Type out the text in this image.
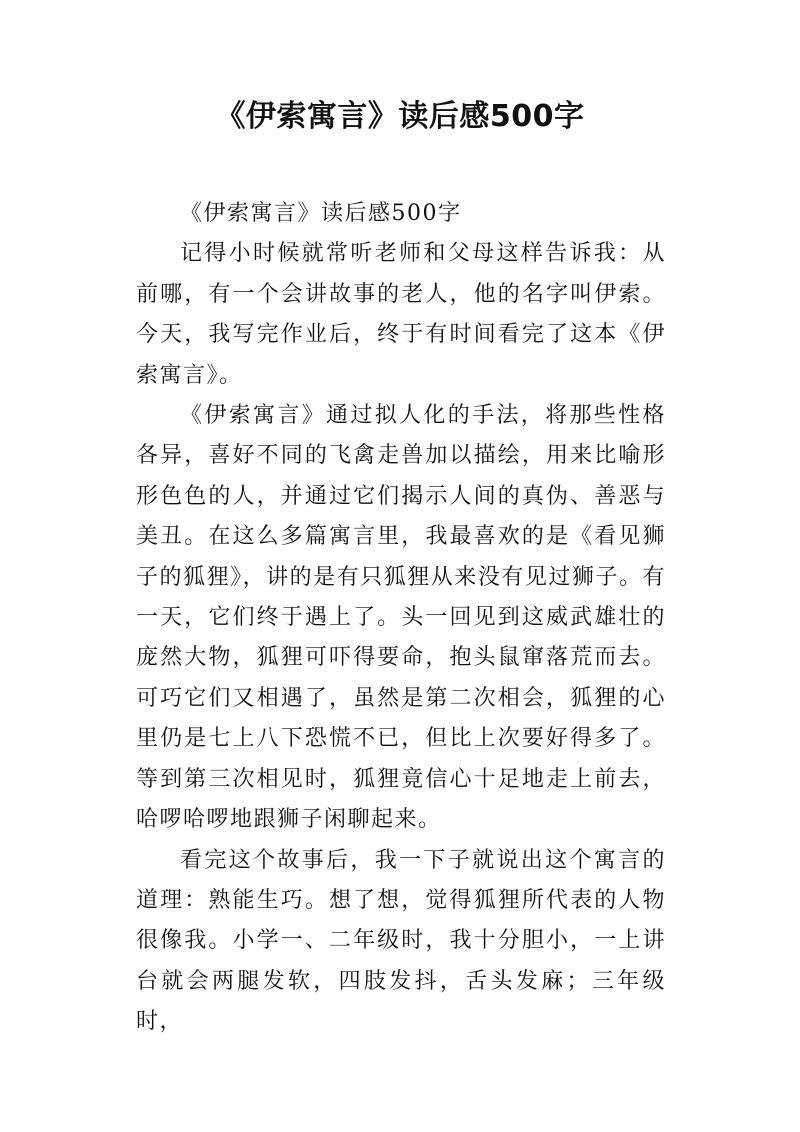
《伊索寓言》读后感500字

《伊索寓言》读后感500字

记得小时候就常听老师和父母这样告诉我：从前哪，有一个会讲故事的老人，他的名字叫伊索。今天，我写完作业后，终于有时间看完了这本《伊索寓言》。

《伊索寓言》通过拟人化的手法，将那些性格各异，喜好不同的飞禽走兽加以描绘，用来比喻形形色色的人，并通过它们揭示人间的真伪、善恶与美丑。在这么多篇寓言里，我最喜欢的是《看见狮子的狐狸》，讲的是有只狐狸从来没有见过狮子。有一天，它们终于遇上了。头一回见到这威武雄壮的庞然大物，狐狸可吓得要命，抱头鼠窜落荒而去。可巧它们又相遇了，虽然是第二次相会，狐狸的心里仍是七上八下恐慌不已，但比上次要好得多了。等到第三次相见时，狐狸竟信心十足地走上前去，哈啰哈啰地跟狮子闲聊起来。

看完这个故事后，我一下子就说出这个寓言的道理：熟能生巧。想了想，觉得狐狸所代表的人物很像我。小学一、二年级时，我十分胆小，一上讲台就会两腿发软，四肢发抖，舌头发麻；三年级时，
